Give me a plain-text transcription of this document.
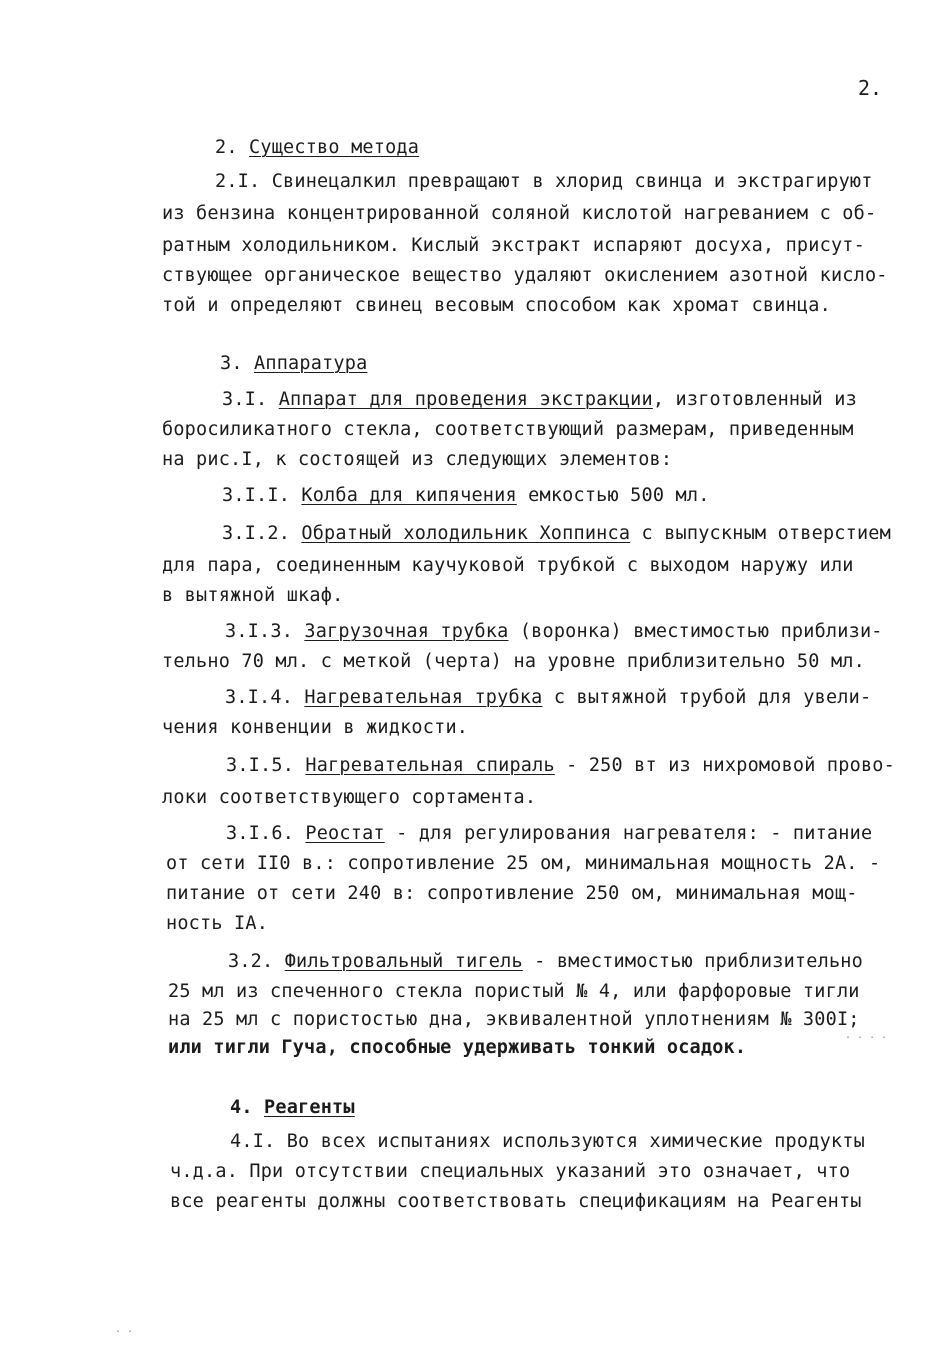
2.
2. Существо метода
2.I. Свинецалкил превращают в хлорид свинца и экстрагируют
из бензина концентрированной соляной кислотой нагреванием с об-
ратным холодильником. Кислый экстракт испаряют досуха, присут-
ствующее органическое вещество удаляют окислением азотной кисло-
той и определяют свинец весовым способом как хромат свинца.
3. Аппаратура
3.I. Аппарат для проведения экстракции, изготовленный из
боросиликатного стекла, соответствующий размерам, приведенным
на рис.I, к состоящей из следующих элементов:
3.I.I. Колба для кипячения емкостью 500 мл.
3.I.2. Обратный холодильник Хоппинса с выпускным отверстием
для пара, соединенным каучуковой трубкой с выходом наружу или
в вытяжной шкаф.
3.I.3. Загрузочная трубка (воронка) вместимостью приблизи-
тельно 70 мл. с меткой (черта) на уровне приблизительно 50 мл.
3.I.4. Нагревательная трубка с вытяжной трубой для увели-
чения конвенции в жидкости.
3.I.5. Нагревательная спираль - 250 вт из нихромовой прово-
локи соответствующего сортамента.
3.I.6. Реостат - для регулирования нагревателя: - питание
от сети II0 в.: сопротивление 25 ом, минимальная мощность 2А. -
питание от сети 240 в: сопротивление 250 ом, минимальная мощ-
ность IA.
3.2. Фильтровальный тигель - вместимостью приблизительно
25 мл из спеченного стекла пористый № 4, или фарфоровые тигли
на 25 мл с пористостью дна, эквивалентной уплотнениям № 300I;
или тигли Гуча, способные удерживать тонкий осадок.
4. Реагенты
4.I. Во всех испытаниях используются химические продукты
ч.д.а. При отсутствии специальных указаний это означает, что
все реагенты должны соответствовать спецификациям на Реагенты
. . . .
. .
